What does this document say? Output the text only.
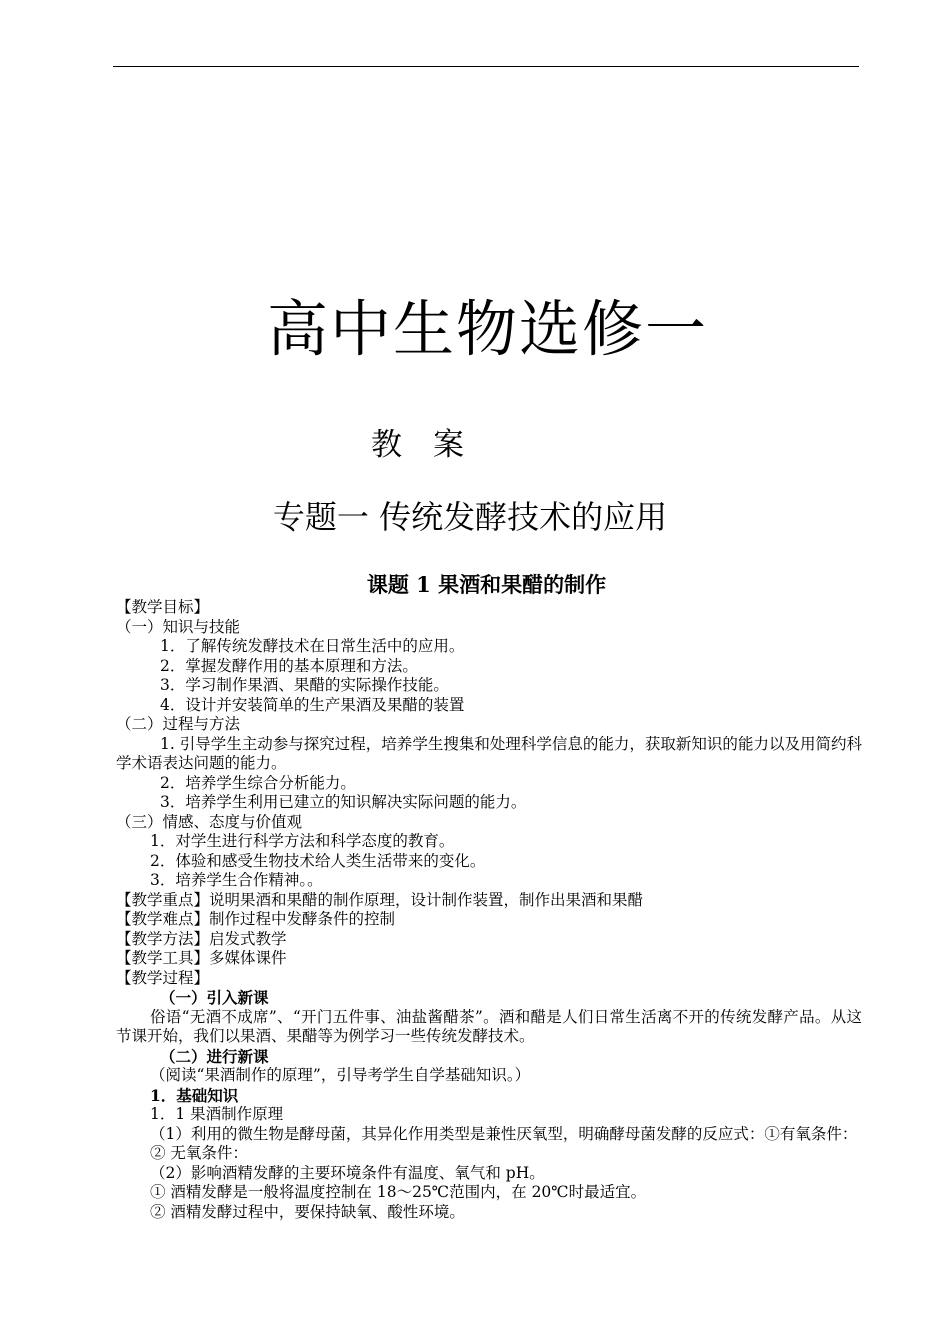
高中生物选修一
教　案
专题一 传统发酵技术的应用
课题 1 果酒和果醋的制作
【教学目标】
（一）知识与技能
1．了解传统发酵技术在日常生活中的应用。
2．掌握发酵作用的基本原理和方法。
3．学习制作果酒、果醋的实际操作技能。
4．设计并安装简单的生产果酒及果醋的装置
（二）过程与方法
1. 引导学生主动参与探究过程，培养学生搜集和处理科学信息的能力，获取新知识的能力以及用简约科学术语表达问题的能力。
2．培养学生综合分析能力。
3．培养学生利用已建立的知识解决实际问题的能力。
（三）情感、态度与价值观
1．对学生进行科学方法和科学态度的教育。
2．体验和感受生物技术给人类生活带来的变化。
3．培养学生合作精神。。
【教学重点】说明果酒和果醋的制作原理，设计制作装置，制作出果酒和果醋
【教学难点】制作过程中发酵条件的控制
【教学方法】启发式教学
【教学工具】多媒体课件
【教学过程】
（一）引入新课
俗语“无酒不成席”、“开门五件事、油盐酱醋茶”。酒和醋是人们日常生活离不开的传统发酵产品。从这节课开始，我们以果酒、果醋等为例学习一些传统发酵技术。
（二）进行新课
（阅读“果酒制作的原理”，引导考学生自学基础知识。）
1．基础知识
1．1 果酒制作原理
（1）利用的微生物是酵母菌，其异化作用类型是兼性厌氧型，明确酵母菌发酵的反应式：①有氧条件：
② 无氧条件：
（2）影响酒精发酵的主要环境条件有温度、氧气和 pH。
① 酒精发酵是一般将温度控制在 18～25℃范围内，在 20℃时最适宜。
② 酒精发酵过程中，要保持缺氧、酸性环境。
